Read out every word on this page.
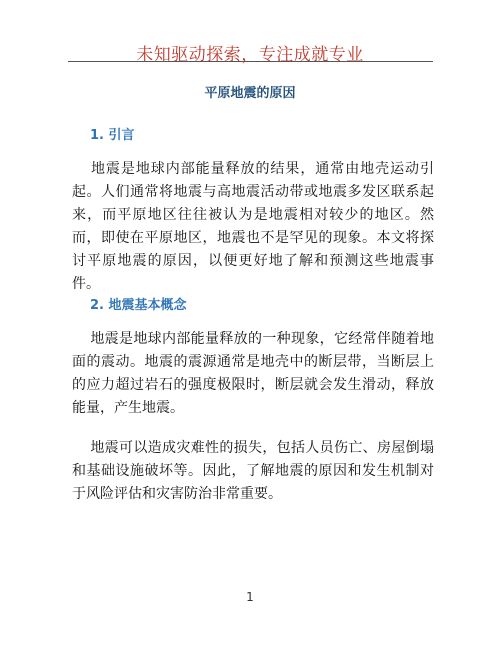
未知驱动探索，专注成就专业
平原地震的原因
1. 引言
地震是地球内部能量释放的结果，通常由地壳运动引起。人们通常将地震与高地震活动带或地震多发区联系起来，而平原地区往往被认为是地震相对较少的地区。然而，即使在平原地区，地震也不是罕见的现象。本文将探讨平原地震的原因，以便更好地了解和预测这些地震事件。
2. 地震基本概念
地震是地球内部能量释放的一种现象，它经常伴随着地面的震动。地震的震源通常是地壳中的断层带，当断层上的应力超过岩石的强度极限时，断层就会发生滑动，释放能量，产生地震。
地震可以造成灾难性的损失，包括人员伤亡、房屋倒塌和基础设施破坏等。因此，了解地震的原因和发生机制对于风险评估和灾害防治非常重要。
1
